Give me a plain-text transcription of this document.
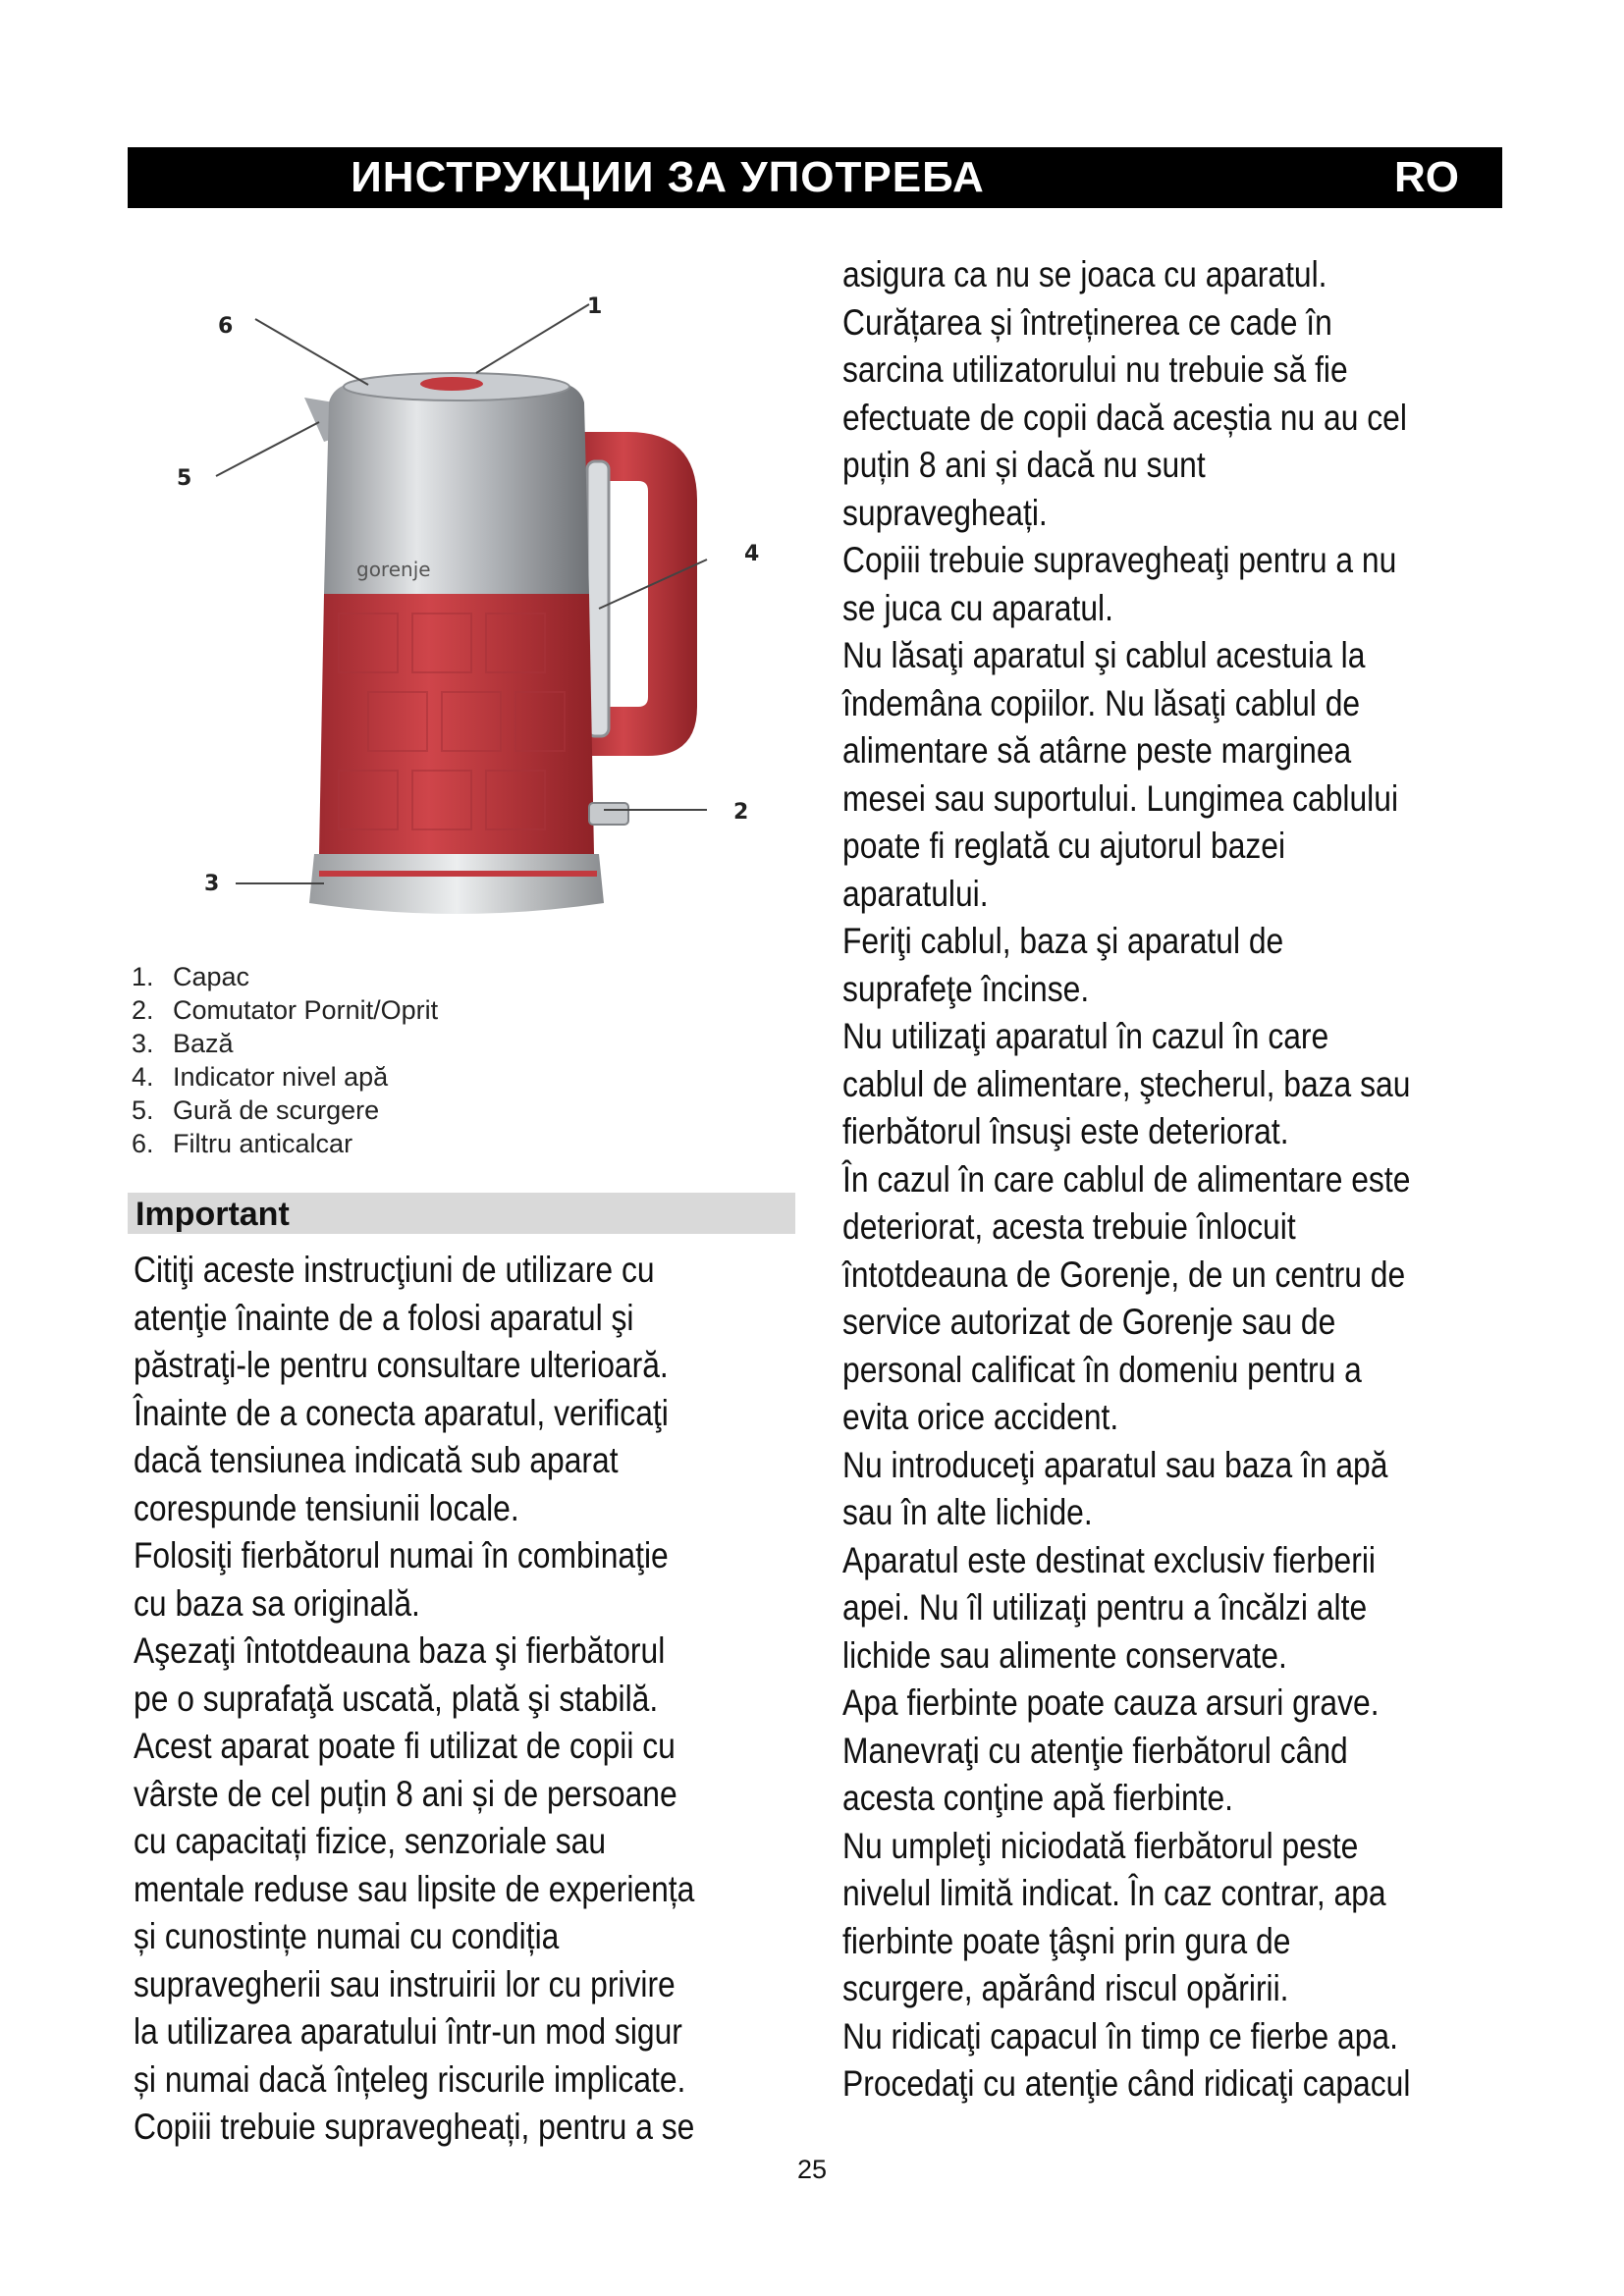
ИНСТРУКЦИИ ЗА УПОТРЕБА	RO
gorenje
1
2
3
4
5
6
1. Capac
2. Comutator Pornit/Oprit
3. Bază
4. Indicator nivel apă
5. Gură de scurgere
6. Filtru anticalcar
Important

Citiţi aceste instrucţiuni de utilizare cu

atenţie înainte de a folosi aparatul şi

păstraţi-le pentru consultare ulterioară.

Înainte de a conecta aparatul, verificaţi

dacă tensiunea indicată sub aparat

corespunde tensiunii locale.

Folosiţi fierbătorul numai în combinaţie

cu baza sa originală.

Aşezaţi întotdeauna baza şi fierbătorul

pe o suprafaţă uscată, plată şi stabilă.

Acest aparat poate fi utilizat de copii cu

vârste de cel puțin 8 ani și de persoane

cu capacitați fizice, senzoriale sau

mentale reduse sau lipsite de experiența

și cunostințe numai cu condiția

supravegherii sau instruirii lor cu privire

la utilizarea aparatului într-un mod sigur

și numai dacă înțeleg riscurile implicate.

Copiii trebuie supravegheați, pentru a se

asigura ca nu se joaca cu aparatul.

Curățarea și întreținerea ce cade în

sarcina utilizatorului nu trebuie să fie

efectuate de copii dacă aceștia nu au cel

puțin 8 ani și dacă nu sunt

supravegheați.

Copiii trebuie supravegheaţi pentru a nu

se juca cu aparatul.

Nu lăsaţi aparatul şi cablul acestuia la

îndemâna copiilor. Nu lăsaţi cablul de

alimentare să atârne peste marginea

mesei sau suportului. Lungimea cablului

poate fi reglată cu ajutorul bazei

aparatului.

Feriţi cablul, baza şi aparatul de

suprafeţe încinse.

Nu utilizaţi aparatul în cazul în care

cablul de alimentare, ştecherul, baza sau

fierbătorul însuşi este deteriorat.

În cazul în care cablul de alimentare este

deteriorat, acesta trebuie înlocuit

întotdeauna de Gorenje, de un centru de

service autorizat de Gorenje sau de

personal calificat în domeniu pentru a

evita orice accident.

Nu introduceţi aparatul sau baza în apă

sau în alte lichide.

Aparatul este destinat exclusiv fierberii

apei. Nu îl utilizaţi pentru a încălzi alte

lichide sau alimente conservate.

Apa fierbinte poate cauza arsuri grave.

Manevraţi cu atenţie fierbătorul când

acesta conţine apă fierbinte.

Nu umpleţi niciodată fierbătorul peste

nivelul limită indicat. În caz contrar, apa

fierbinte poate ţâşni prin gura de

scurgere, apărând riscul opăririi.

Nu ridicaţi capacul în timp ce fierbe apa.

Procedaţi cu atenţie când ridicaţi capacul

25
